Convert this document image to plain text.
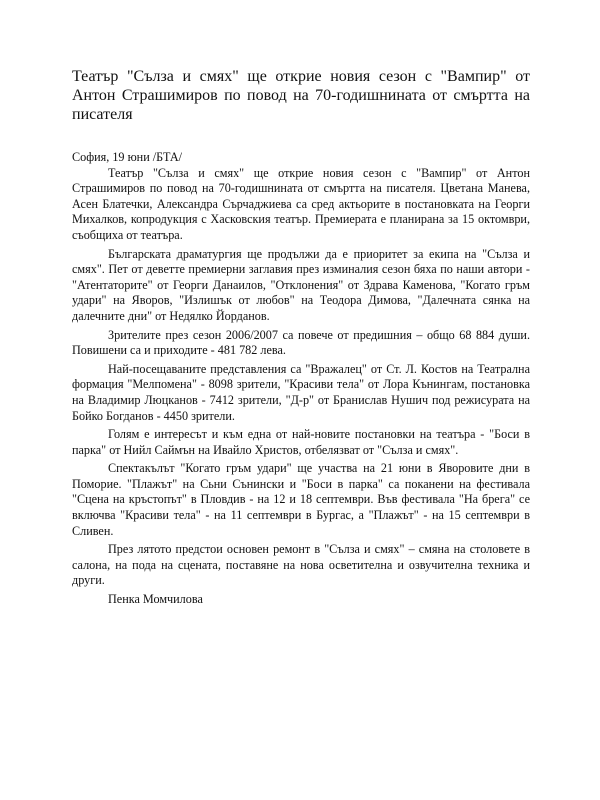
Театър "Сълза и смях" ще открие новия сезон с "Вампир" от Антон Страшимиров по повод на 70-годишнината от смъртта на писателя

София, 19 юни /БТА/

Театър "Сълза и смях" ще открие новия сезон с "Вампир" от Антон Страшимиров по повод на 70-годишнината от смъртта на писателя. Цветана Манева, Асен Блатечки, Александра Сърчаджиева са сред актьорите в постановката на Георги Михалков, копродукция с Хасковския театър. Премиерата е планирана за 15 октомври, съобщиха от театъра.

Българската драматургия ще продължи да е приоритет за екипа на "Сълза и смях". Пет от деветте премиерни заглавия през изминалия сезон бяха по наши автори - "Атентаторите" от Георги Данаилов, "Отклонения" от Здрава Каменова, "Когато гръм удари" на Яворов, "Излишък от любов" на Теодора Димова, "Далечната сянка на далечните дни" от Недялко Йорданов.

Зрителите през сезон 2006/2007 са повече от предишния – общо 68 884 души. Повишени са и приходите - 481 782 лева.

Най-посещаваните представления са "Вражалец" от Ст. Л. Костов на Театрална формация "Мелпомена" - 8098 зрители, "Красиви тела" от Лора Кънингам, постановка на Владимир Люцканов - 7412 зрители, "Д-р" от Бранислав Нушич под режисурата на Бойко Богданов - 4450 зрители.

Голям е интересът и към една от най-новите постановки на театъра - "Боси в парка" от Нийл Саймън на Ивайло Христов, отбелязват от "Сълза и смях".

Спектакълът "Когато гръм удари" ще участва на 21 юни в Яворовите дни в Поморие. "Плажът" на Сьни Сънински и "Боси в парка" са поканени на фестивала "Сцена на кръстопът" в Пловдив - на 12 и 18 септември. Във фестивала "На брега" се включва "Красиви тела" - на 11 септември в Бургас, а "Плажът" - на 15 септември в Сливен.

През лятото предстои основен ремонт в "Сълза и смях" – смяна на столовете в салона, на пода на сцената, поставяне на нова осветителна и озвучителна техника и други.

Пенка Момчилова
